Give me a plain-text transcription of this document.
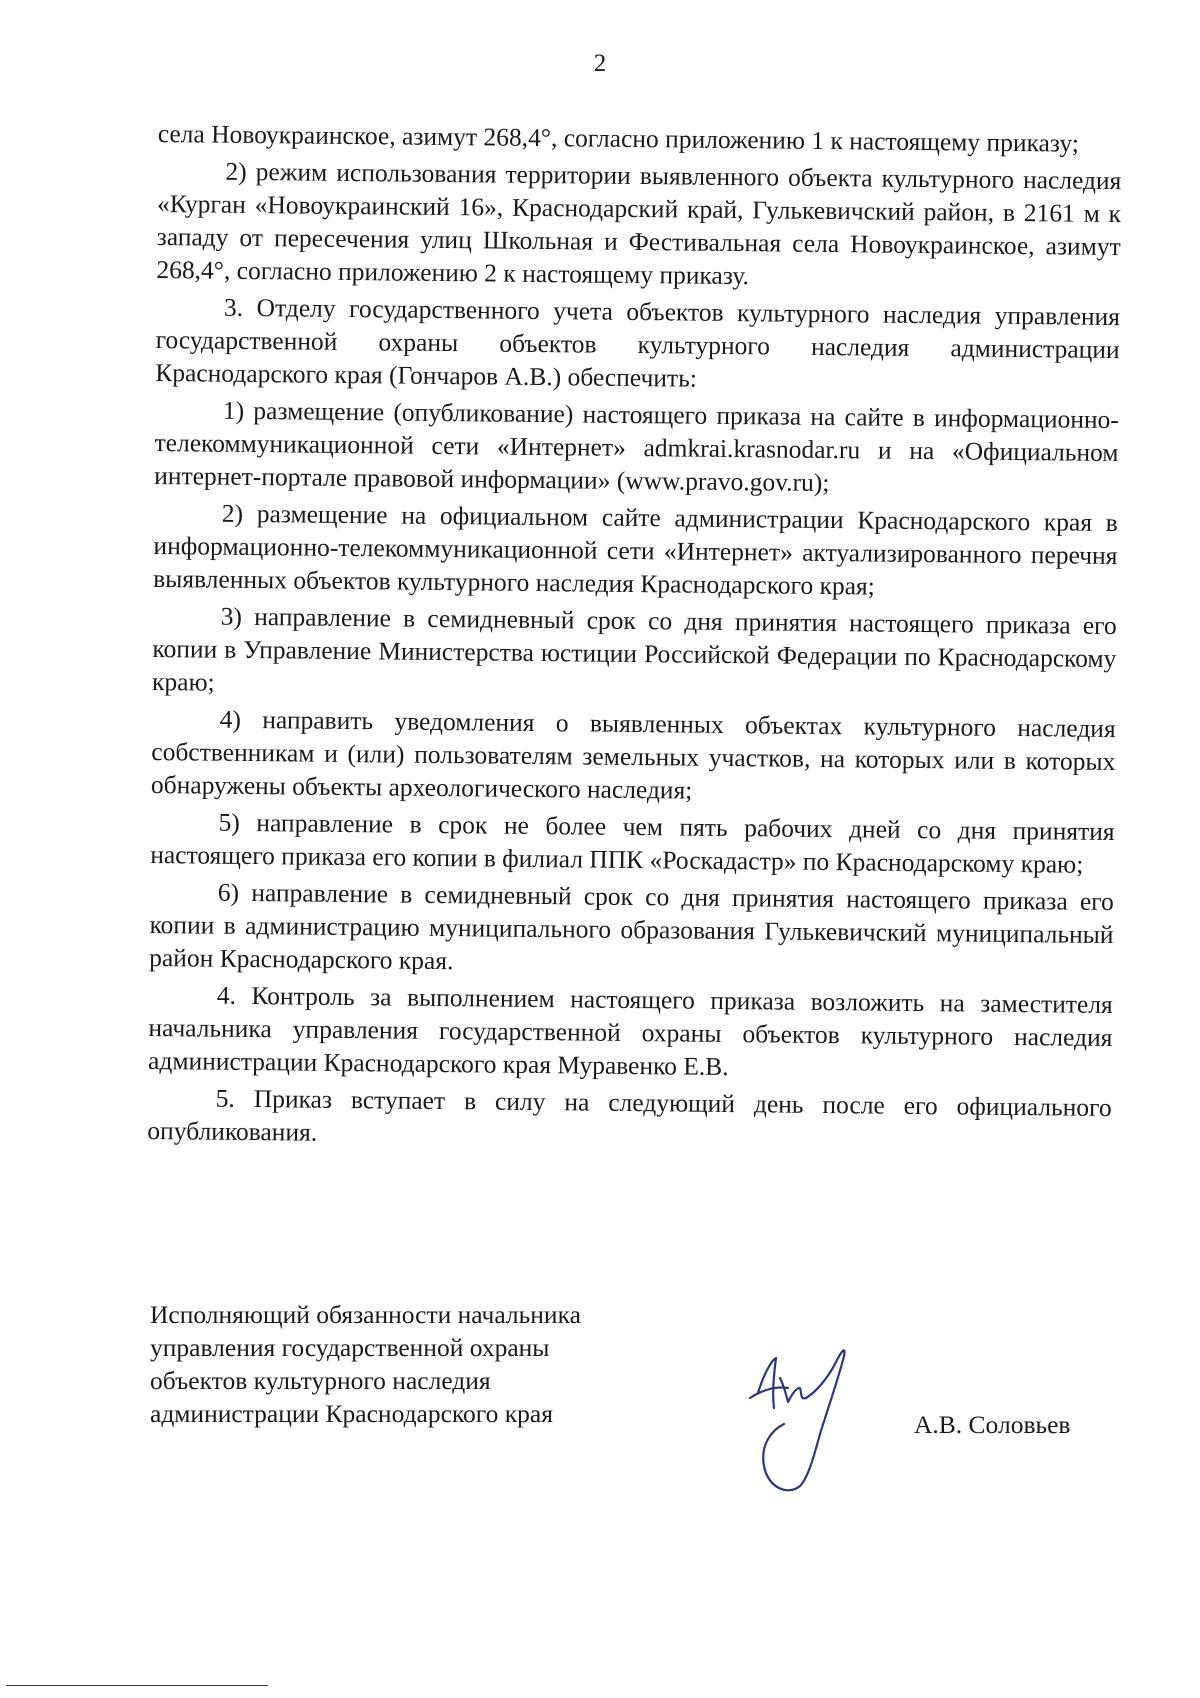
2

села Новоукраинское, азимут 268,4°, согласно приложению 1 к настоящему приказу;

2) режим использования территории выявленного объекта культурного наследия «Курган «Новоукраинский 16», Краснодарский край, Гулькевичский район, в 2161 м к западу от пересечения улиц Школьная и Фестивальная села Новоукраинское, азимут 268,4°, согласно приложению 2 к настоящему приказу.

3. Отделу государственного учета объектов культурного наследия управления государственной охраны объектов культурного наследия администрации Краснодарского края (Гончаров А.В.) обеспечить:

1) размещение (опубликование) настоящего приказа на сайте в информационно-телекоммуникационной сети «Интернет» admkrai.krasnodar.ru и на «Официальном интернет-портале правовой информации» (www.pravo.gov.ru);

2) размещение на официальном сайте администрации Краснодарского края в информационно-телекоммуникационной сети «Интернет» актуализированного перечня выявленных объектов культурного наследия Краснодарского края;

3) направление в семидневный срок со дня принятия настоящего приказа его копии в Управление Министерства юстиции Российской Федерации по Краснодарскому краю;

4) направить уведомления о выявленных объектах культурного наследия собственникам и (или) пользователям земельных участков, на которых или в которых обнаружены объекты археологического наследия;

5) направление в срок не более чем пять рабочих дней со дня принятия настоящего приказа его копии в филиал ППК «Роскадастр» по Краснодарскому краю;

6) направление в семидневный срок со дня принятия настоящего приказа его копии в администрацию муниципального образования Гулькевичский муниципальный район Краснодарского края.

4. Контроль за выполнением настоящего приказа возложить на заместителя начальника управления государственной охраны объектов культурного наследия администрации Краснодарского края Муравенко Е.В.

5. Приказ вступает в силу на следующий день после его официального опубликования.

Исполняющий обязанности начальника
управления государственной охраны
объектов культурного наследия
администрации Краснодарского края	А.В. Соловьев
